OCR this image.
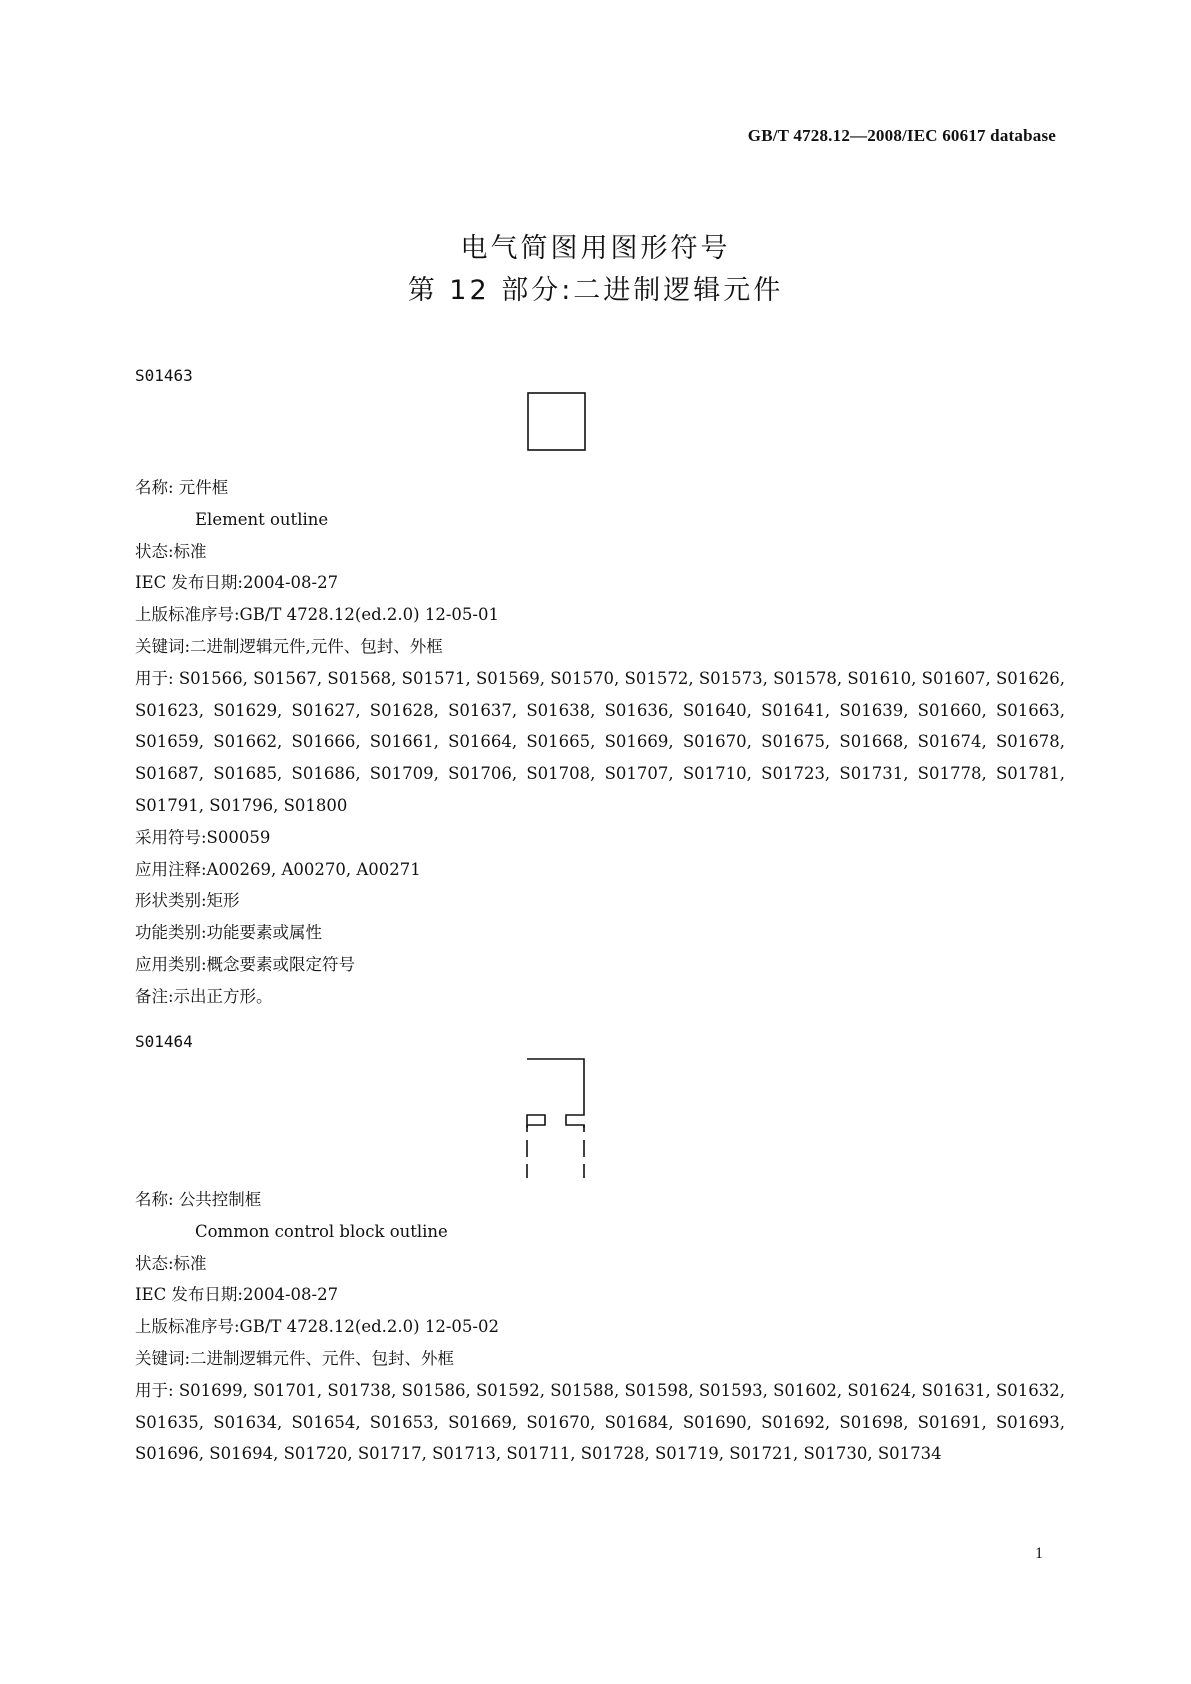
GB/T 4728.12—2008/IEC 60617 database
电气简图用图形符号
第 12 部分:二进制逻辑元件
S01463
名称: 元件框
Element outline
状态:标准
IEC 发布日期:2004-08-27
上版标准序号:GB/T 4728.12(ed.2.0) 12-05-01
关键词:二进制逻辑元件,元件、包封、外框
用于: S01566, S01567, S01568, S01571, S01569, S01570, S01572, S01573, S01578, S01610, S01607, S01626, S01623, S01629, S01627, S01628, S01637, S01638, S01636, S01640, S01641, S01639, S01660, S01663, S01659, S01662, S01666, S01661, S01664, S01665, S01669, S01670, S01675, S01668, S01674, S01678, S01687, S01685, S01686, S01709, S01706, S01708, S01707, S01710, S01723, S01731, S01778, S01781, S01791, S01796, S01800
采用符号:S00059
应用注释:A00269, A00270, A00271
形状类别:矩形
功能类别:功能要素或属性
应用类别:概念要素或限定符号
备注:示出正方形。
S01464
名称: 公共控制框
Common control block outline
状态:标准
IEC 发布日期:2004-08-27
上版标准序号:GB/T 4728.12(ed.2.0) 12-05-02
关键词:二进制逻辑元件、元件、包封、外框
用于: S01699, S01701, S01738, S01586, S01592, S01588, S01598, S01593, S01602, S01624, S01631, S01632, S01635, S01634, S01654, S01653, S01669, S01670, S01684, S01690, S01692, S01698, S01691, S01693, S01696, S01694, S01720, S01717, S01713, S01711, S01728, S01719, S01721, S01730, S01734
1
